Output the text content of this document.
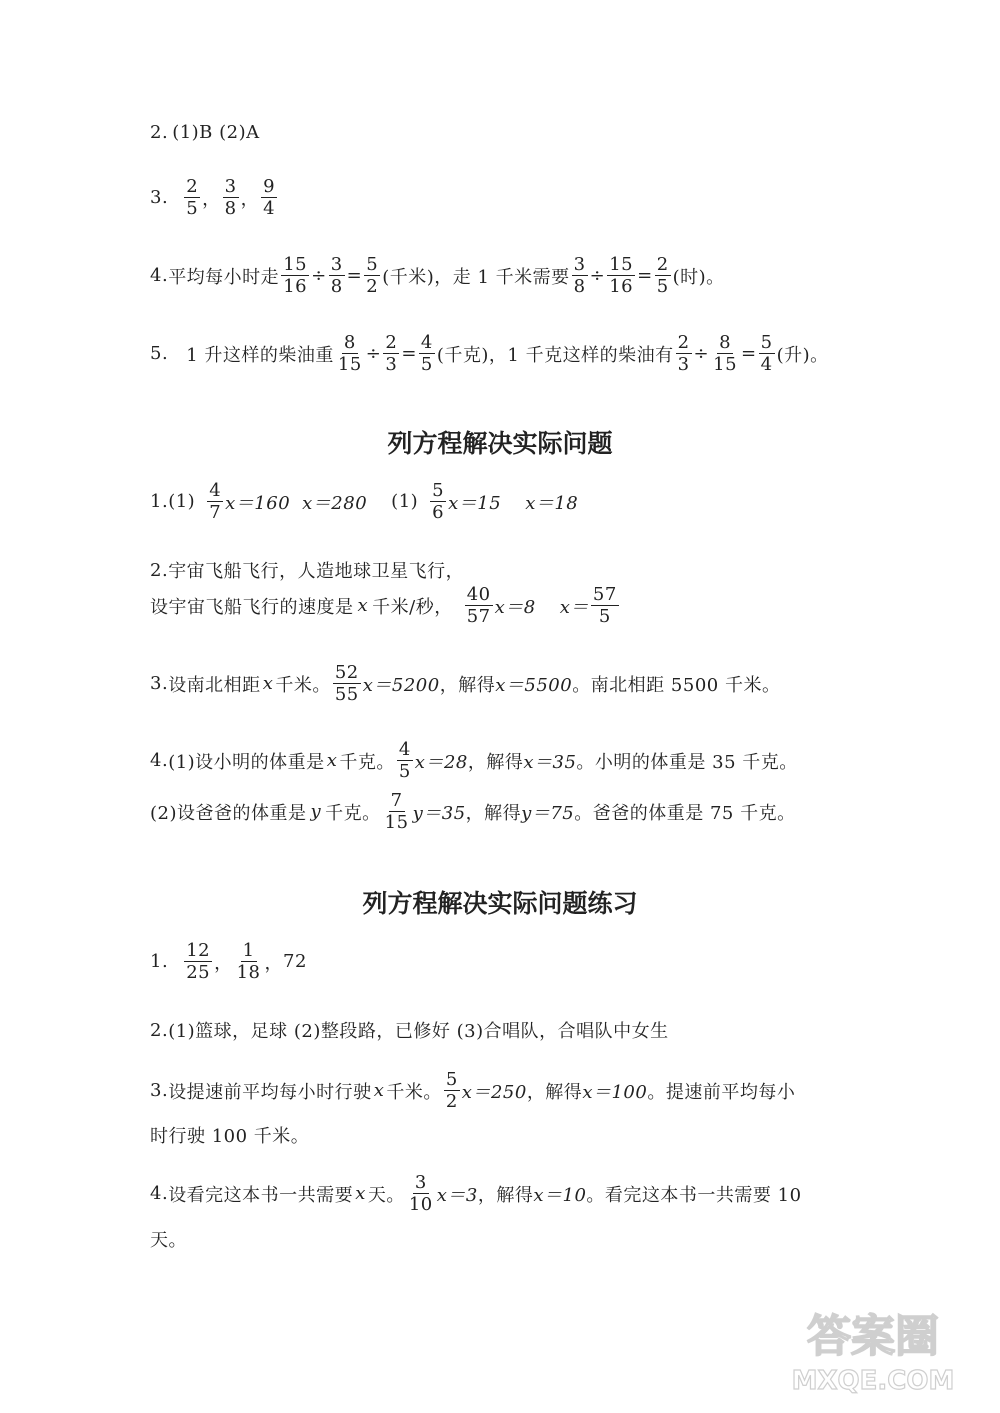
2. (1)B (2)A
3. $\frac{2}{5}$ ， $\frac{3}{8}$ ， $\frac{9}{4}$
4. 平均每小时走 $\frac{15}{16} \div \frac{3}{8} = \frac{5}{2}$ (千米)，走 1 千米需要 $\frac{3}{8} \div \frac{15}{16} = \frac{2}{5}$ (时)。
5. 1 升这样的柴油重 $\frac{8}{15} \div \frac{2}{3} = \frac{4}{5}$ (千克)，1 千克这样的柴油有 $\frac{2}{3} \div \frac{8}{15} = \frac{5}{4}$ (升)。
列方程解决实际问题
1. $(1) \frac{4}{7} x=160$ x＝280 $(1) \frac{5}{6} x=15$ x＝18
2. 宇宙飞船飞行，人造地球卫星飞行，
设宇宙飞船飞行的速度是 x 千米/秒， $\frac{40}{57} x=8$ $x= \frac{57}{5}$
3. 设南北相距 x 千米。 $\frac{52}{55} x=5200$ ，解得 x＝5500 。南北相距 5500 千米。
4. (1)设小明的体重是 x 千克。 $\frac{4}{5} x=28$ ，解得 x＝35 。小明的体重是 35 千克。
(2)设爸爸的体重是 y 千克。 $\frac{7}{15} y=35$ ，解得 y＝75 。爸爸的体重是 75 千克。
列方程解决实际问题练习
1. $\frac{12}{25}$ ， $\frac{1}{18}$ ， 72
2. (1)篮球，足球 (2)整段路，已修好 (3)合唱队，合唱队中女生
3. 设提速前平均每小时行驶 x 千米。 $\frac{5}{2} x=250$ ，解得 x＝100 。提速前平均每小
时行驶 100 千米。
4. 设看完这本书一共需要 x 天。 $\frac{3}{10} x=3$ ，解得 x＝10 。看完这本书一共需要 10
天。
答案圈
MXQE.COM
